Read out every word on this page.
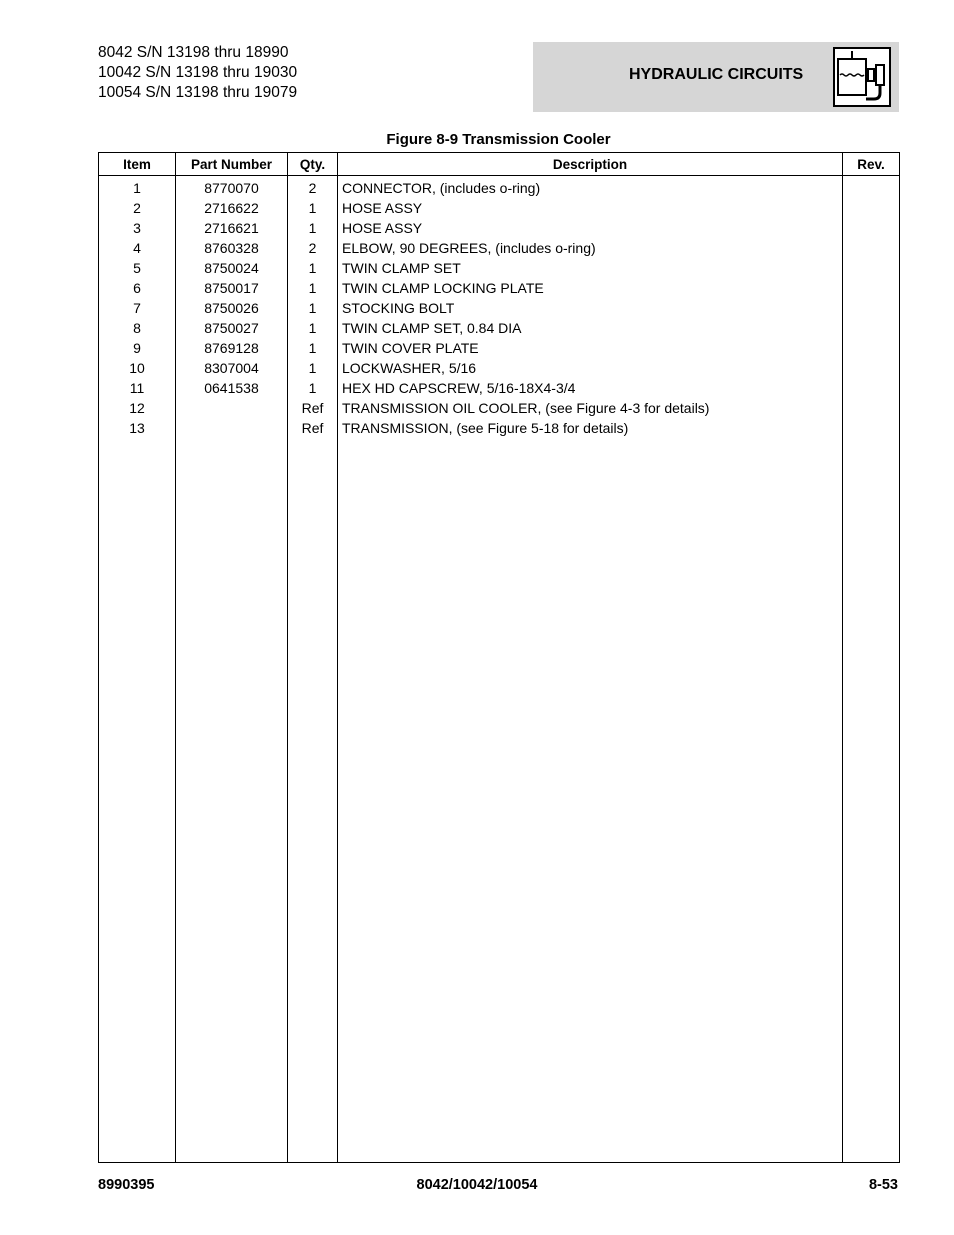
8042 S/N 13198 thru 18990
10042 S/N 13198 thru 19030
10054 S/N 13198 thru 19079
HYDRAULIC CIRCUITS
Figure 8-9 Transmission Cooler
Item	Part Number	Qty.	Description	Rev.
1	8770070	2	CONNECTOR, (includes o-ring)	
2	2716622	1	HOSE ASSY	
3	2716621	1	HOSE ASSY	
4	8760328	2	ELBOW, 90 DEGREES, (includes o-ring)	
5	8750024	1	TWIN CLAMP SET	
6	8750017	1	TWIN CLAMP LOCKING PLATE	
7	8750026	1	STOCKING BOLT	
8	8750027	1	TWIN CLAMP SET, 0.84 DIA	
9	8769128	1	TWIN COVER PLATE	
10	8307004	1	LOCKWASHER, 5/16	
11	0641538	1	HEX HD CAPSCREW, 5/16-18X4-3/4	
12		Ref	TRANSMISSION OIL COOLER, (see Figure 4-3 for details)	
13		Ref	TRANSMISSION, (see Figure 5-18 for details)	

8990395	8042/10042/10054	8-53
